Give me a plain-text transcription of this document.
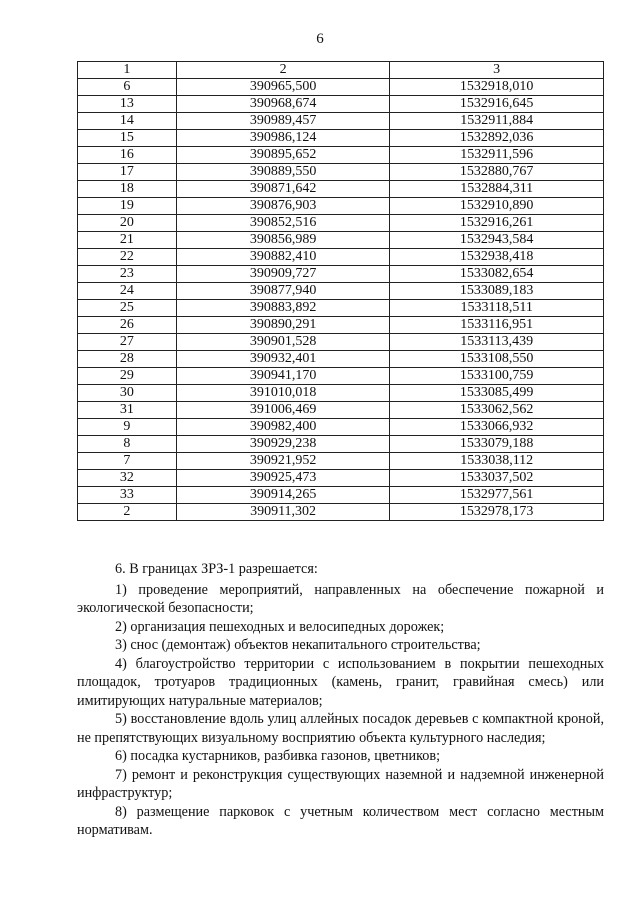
6
1	2	3
6	390965,500	1532918,010
13	390968,674	1532916,645
14	390989,457	1532911,884
15	390986,124	1532892,036
16	390895,652	1532911,596
17	390889,550	1532880,767
18	390871,642	1532884,311
19	390876,903	1532910,890
20	390852,516	1532916,261
21	390856,989	1532943,584
22	390882,410	1532938,418
23	390909,727	1533082,654
24	390877,940	1533089,183
25	390883,892	1533118,511
26	390890,291	1533116,951
27	390901,528	1533113,439
28	390932,401	1533108,550
29	390941,170	1533100,759
30	391010,018	1533085,499
31	391006,469	1533062,562
9	390982,400	1533066,932
8	390929,238	1533079,188
7	390921,952	1533038,112
32	390925,473	1533037,502
33	390914,265	1532977,561
2	390911,302	1532978,173

6. В границах ЗРЗ-1 разрешается:

1) проведение мероприятий, направленных на обеспечение пожарной и экологической безопасности;

2) организация пешеходных и велосипедных дорожек;

3) снос (демонтаж) объектов некапитального строительства;

4) благоустройство территории с использованием в покрытии пешеходных площадок, тротуаров традиционных (камень, гранит, гравийная смесь) или имитирующих натуральные материалов;

5) восстановление вдоль улиц аллейных посадок деревьев с компактной кроной, не препятствующих визуальному восприятию объекта культурного наследия;

6) посадка кустарников, разбивка газонов, цветников;

7) ремонт и реконструкция существующих наземной и надземной инженерной инфраструктур;

8) размещение парковок с учетным количеством мест согласно местным нормативам.
